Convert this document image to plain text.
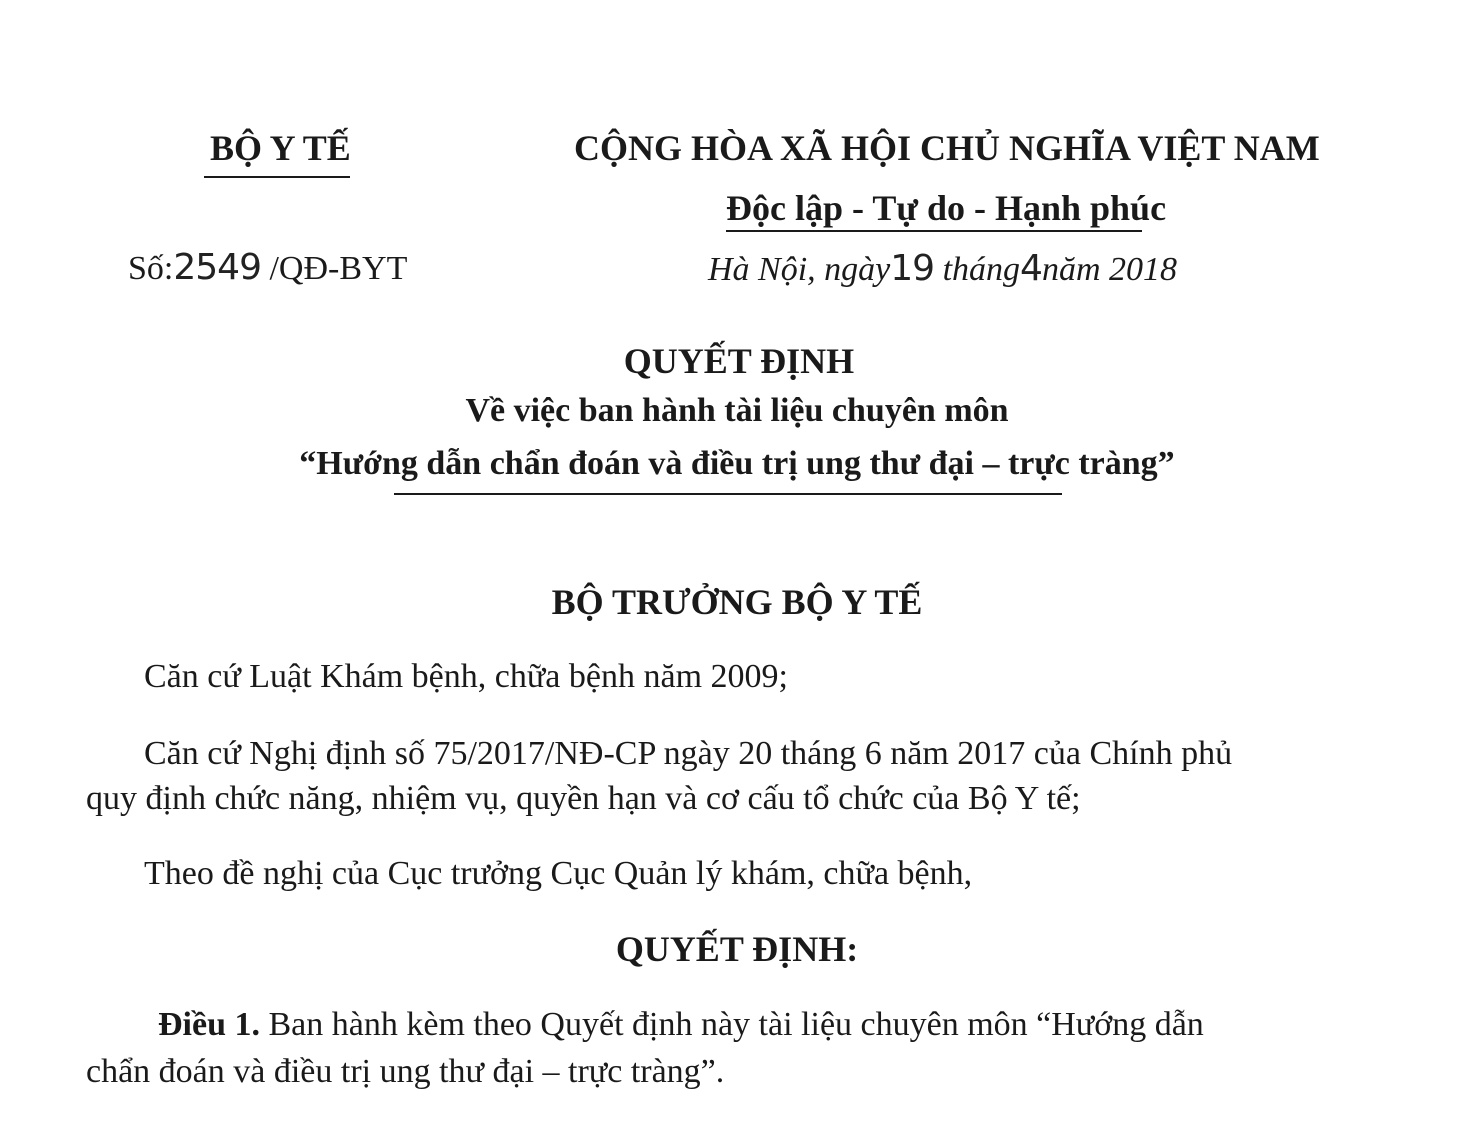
BỘ Y TẾ	CỘNG HÒA XÃ HỘI CHỦ NGHĨA VIỆT NAM
Độc lập - Tự do - Hạnh phúc
Số:2549 /QĐ-BYT	Hà Nội, ngày19 tháng4năm 2018
QUYẾT ĐỊNH
Về việc ban hành tài liệu chuyên môn
“Hướng dẫn chẩn đoán và điều trị ung thư đại – trực tràng”
BỘ TRƯỞNG BỘ Y TẾ
Căn cứ Luật Khám bệnh, chữa bệnh năm 2009;
Căn cứ Nghị định số 75/2017/NĐ-CP ngày 20 tháng 6 năm 2017 của Chính phủ
quy định chức năng, nhiệm vụ, quyền hạn và cơ cấu tổ chức của Bộ Y tế;
Theo đề nghị của Cục trưởng Cục Quản lý khám, chữa bệnh,
QUYẾT ĐỊNH:
Điều 1. Ban hành kèm theo Quyết định này tài liệu chuyên môn “Hướng dẫn
chẩn đoán và điều trị ung thư đại – trực tràng”.
